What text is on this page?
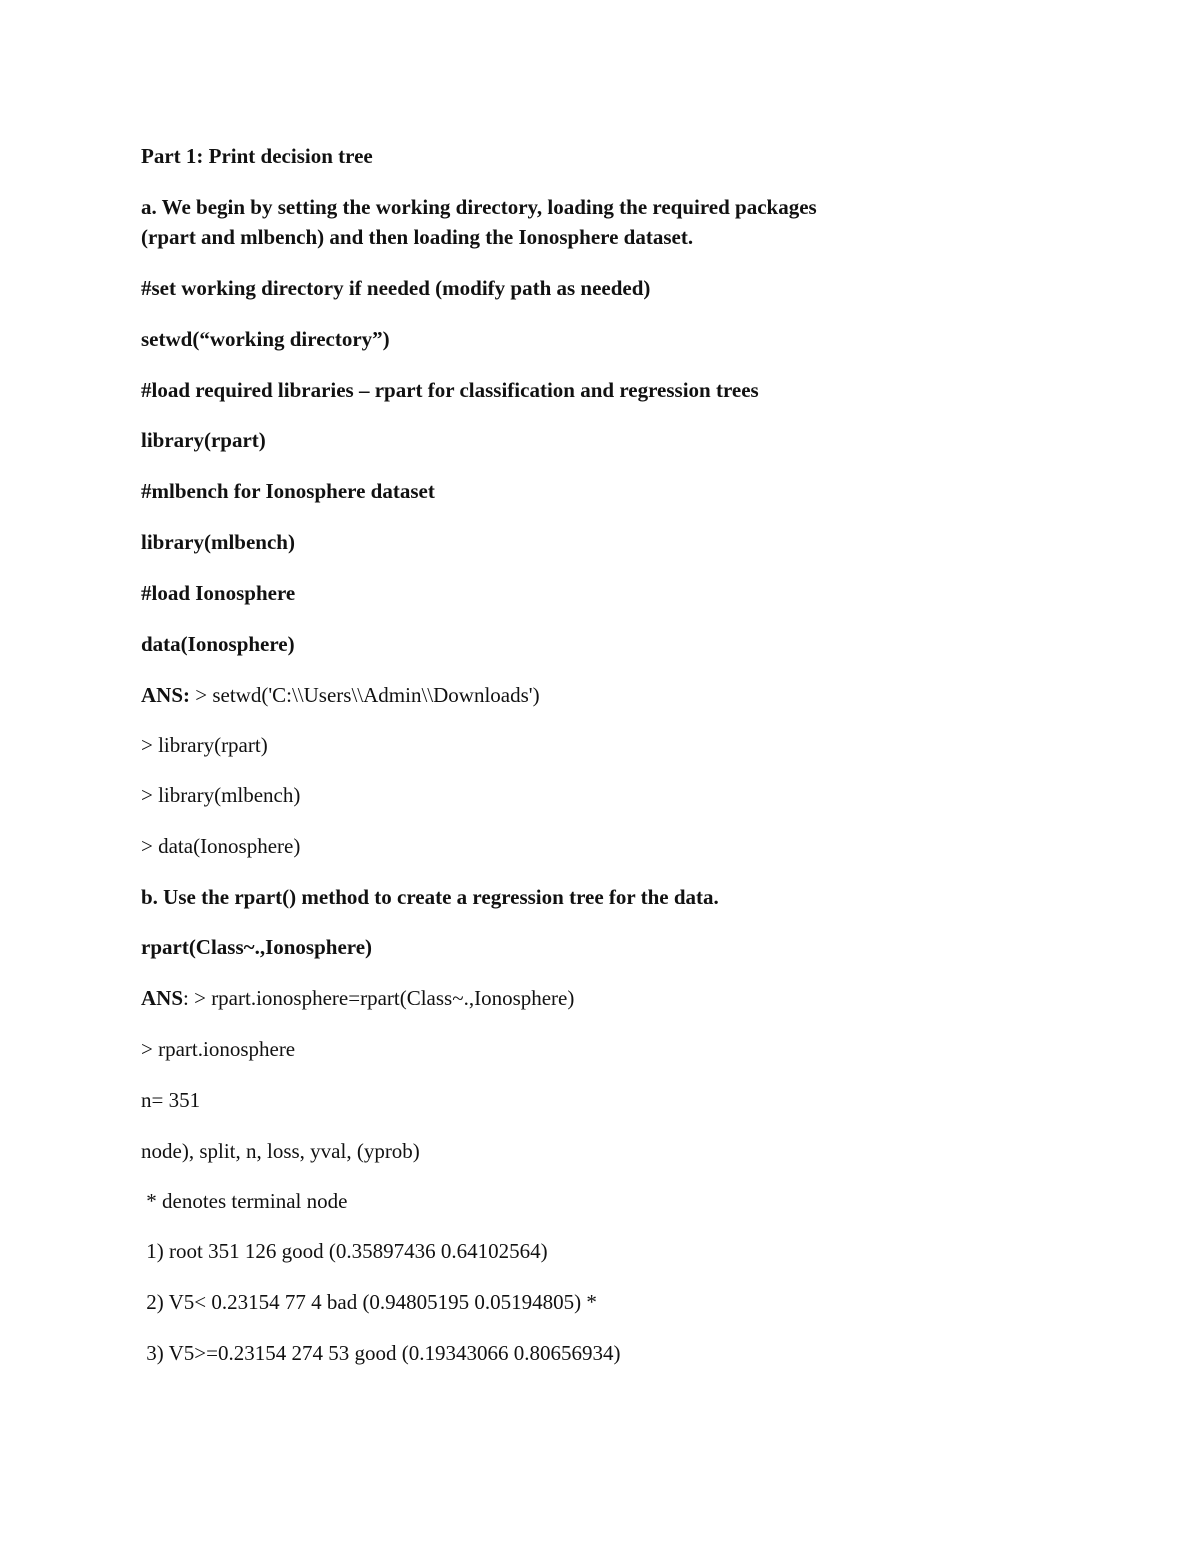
Part 1: Print decision tree
a. We begin by setting the working directory, loading the required packages
(rpart and mlbench) and then loading the Ionosphere dataset.
#set working directory if needed (modify path as needed)
setwd(“working directory”)
#load required libraries – rpart for classification and regression trees
library(rpart)
#mlbench for Ionosphere dataset
library(mlbench)
#load Ionosphere
data(Ionosphere)
ANS: > setwd('C:\\Users\\Admin\\Downloads')
> library(rpart)
> library(mlbench)
> data(Ionosphere)
b. Use the rpart() method to create a regression tree for the data.
rpart(Class~.,Ionosphere)
ANS: > rpart.ionosphere=rpart(Class~.,Ionosphere)
> rpart.ionosphere
n= 351
node), split, n, loss, yval, (yprob)
* denotes terminal node
1) root 351 126 good (0.35897436 0.64102564)
2) V5< 0.23154 77 4 bad (0.94805195 0.05194805) *
3) V5>=0.23154 274 53 good (0.19343066 0.80656934)
